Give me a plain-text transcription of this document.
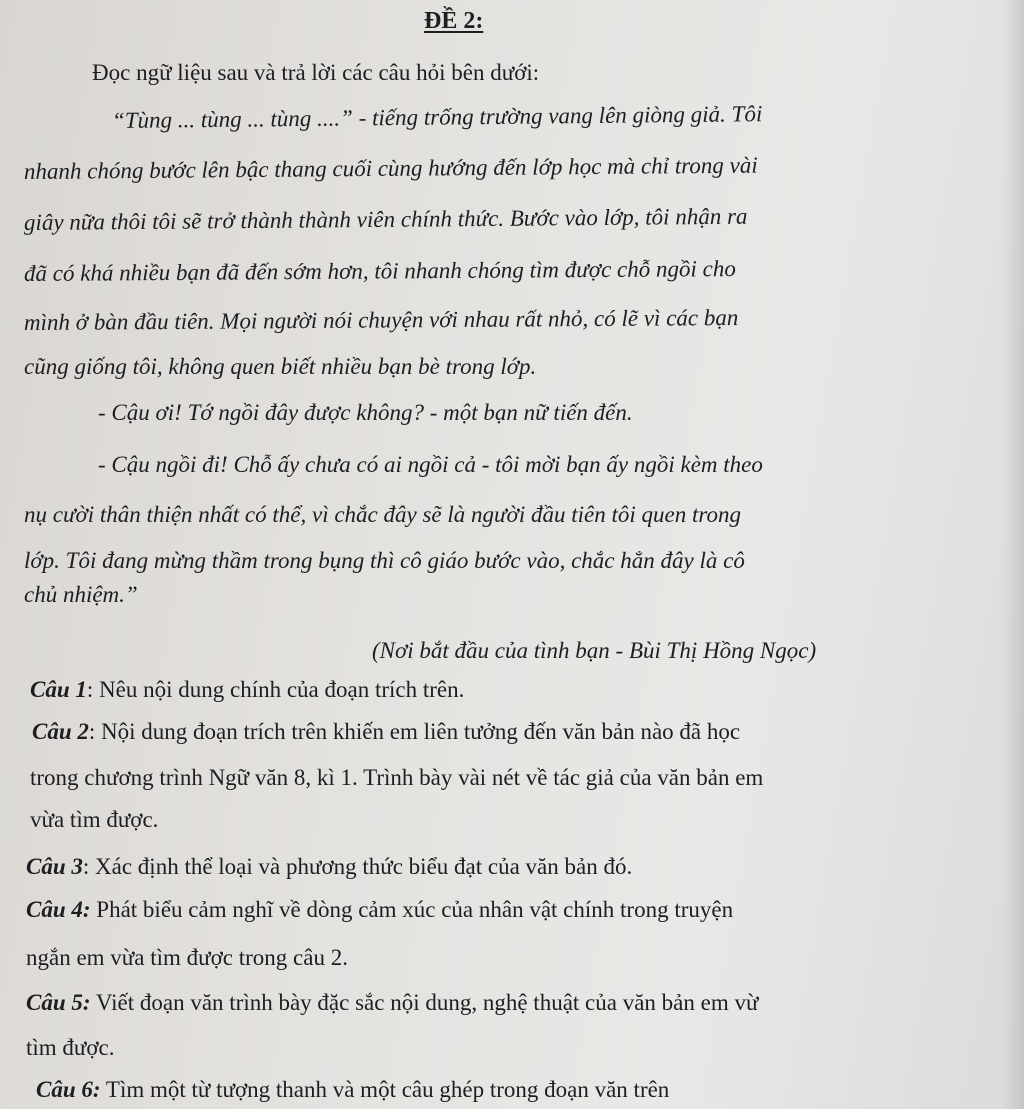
ĐỀ 2:
Đọc ngữ liệu sau và trả lời các câu hỏi bên dưới:
“Tùng ... tùng ... tùng ....” - tiếng trống trường vang lên giòng giả. Tôi
nhanh chóng bước lên bậc thang cuối cùng hướng đến lớp học mà chỉ trong vài
giây nữa thôi tôi sẽ trở thành thành viên chính thức. Bước vào lớp, tôi nhận ra
đã có khá nhiều bạn đã đến sớm hơn, tôi nhanh chóng tìm được chỗ ngồi cho
mình ở bàn đầu tiên. Mọi người nói chuyện với nhau rất nhỏ, có lẽ vì các bạn
cũng giống tôi, không quen biết nhiều bạn bè trong lớp.
- Cậu ơi! Tớ ngồi đây được không? - một bạn nữ tiến đến.
- Cậu ngồi đi! Chỗ ấy chưa có ai ngồi cả - tôi mời bạn ấy ngồi kèm theo
nụ cười thân thiện nhất có thể, vì chắc đây sẽ là người đầu tiên tôi quen trong
lớp. Tôi đang mừng thầm trong bụng thì cô giáo bước vào, chắc hẳn đây là cô
chủ nhiệm.”
(Nơi bắt đầu của tình bạn - Bùi Thị Hồng Ngọc)
Câu 1: Nêu nội dung chính của đoạn trích trên.
Câu 2: Nội dung đoạn trích trên khiến em liên tưởng đến văn bản nào đã học
trong chương trình Ngữ văn 8, kì 1. Trình bày vài nét về tác giả của văn bản em
vừa tìm được.
Câu 3: Xác định thể loại và phương thức biểu đạt của văn bản đó.
Câu 4: Phát biểu cảm nghĩ về dòng cảm xúc của nhân vật chính trong truyện
ngắn em vừa tìm được trong câu 2.
Câu 5: Viết đoạn văn trình bày đặc sắc nội dung, nghệ thuật của văn bản em vừ
tìm được.
Câu 6: Tìm một từ tượng thanh và một câu ghép trong đoạn văn trên
